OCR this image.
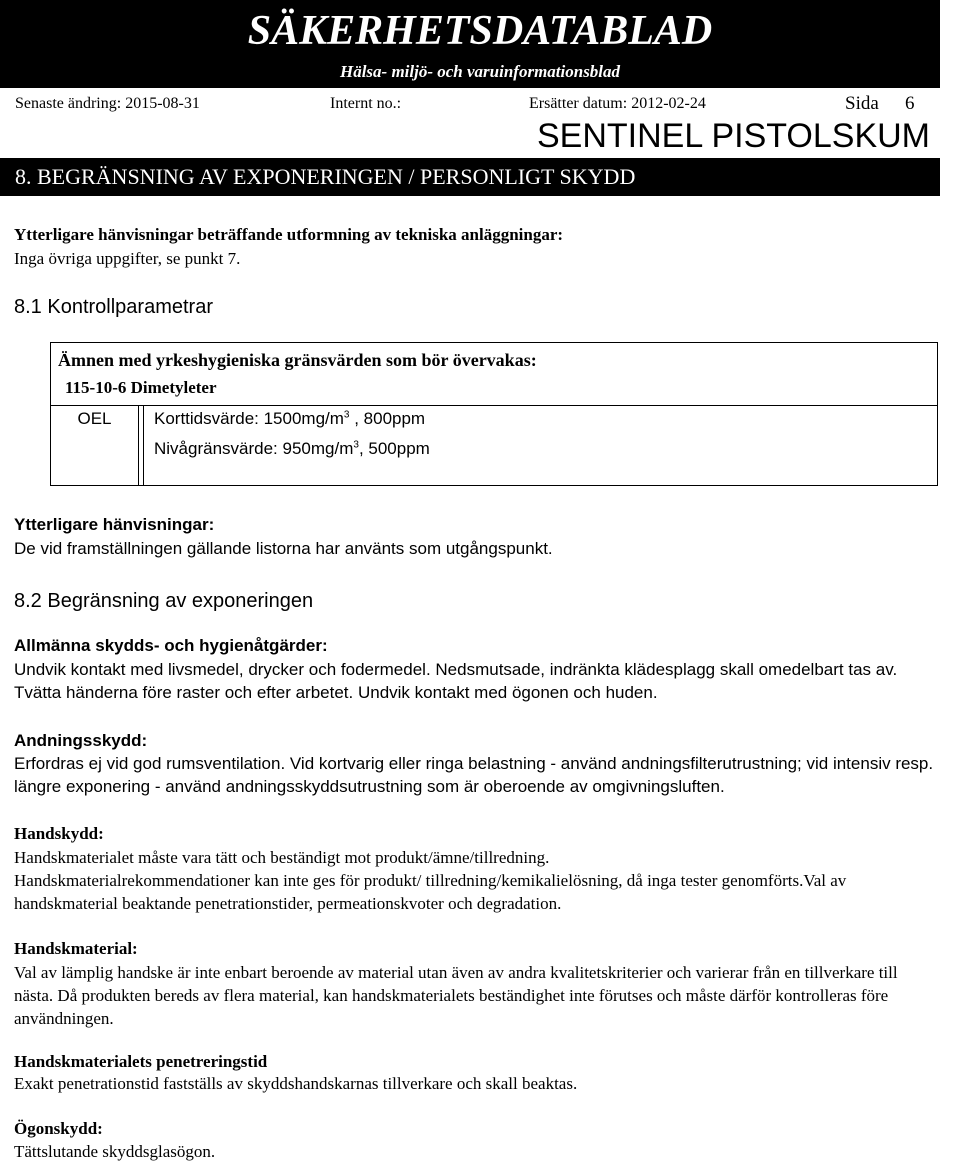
SÄKERHETSDATABLAD
Hälsa- miljö- och varuinformationsblad
Senaste ändring: 2015-08-31	Internt no.:	Ersätter datum: 2012-02-24	Sida 6
SENTINEL PISTOLSKUM
8. BEGRÄNSNING AV EXPONERINGEN / PERSONLIGT SKYDD
Ytterligare hänvisningar beträffande utformning av tekniska anläggningar:
Inga övriga uppgifter, se punkt 7.
8.1 Kontrollparametrar
Ämnen med yrkeshygieniska gränsvärden som bör övervakas:
115-10-6 Dimetyleter
OEL	Korttidsvärde: $1500mg/m^3$ , 800ppm
Nivågränsvärde: $950mg/m^3$, 500ppm
Ytterligare hänvisningar:
De vid framställningen gällande listorna har använts som utgångspunkt.
8.2 Begränsning av exponeringen
Allmänna skydds- och hygienåtgärder:
Undvik kontakt med livsmedel, drycker och fodermedel. Nedsmutsade, indränkta klädesplagg skall omedelbart tas av. Tvätta händerna före raster och efter arbetet. Undvik kontakt med ögonen och huden.
Andningsskydd:
Erfordras ej vid god rumsventilation. Vid kortvarig eller ringa belastning - använd andningsfilterutrustning; vid intensiv resp. längre exponering - använd andningsskyddsutrustning som är oberoende av omgivningsluften.
Handskydd:
Handskmaterialet måste vara tätt och beständigt mot produkt/ämne/tillredning.
Handskmaterialrekommendationer kan inte ges för produkt/ tillredning/kemikalielösning, då inga tester genomförts.Val av handskmaterial beaktande penetrationstider, permeationskvoter och degradation.
Handskmaterial:
Val av lämplig handske är inte enbart beroende av material utan även av andra kvalitetskriterier och varierar från en tillverkare till nästa. Då produkten bereds av flera material, kan handskmaterialets beständighet inte förutses och måste därför kontrolleras före användningen.
Handskmaterialets penetreringstid
Exakt penetrationstid fastställs av skyddshandskarnas tillverkare och skall beaktas.
Ögonskydd:
Tättslutande skyddsglasögon.
